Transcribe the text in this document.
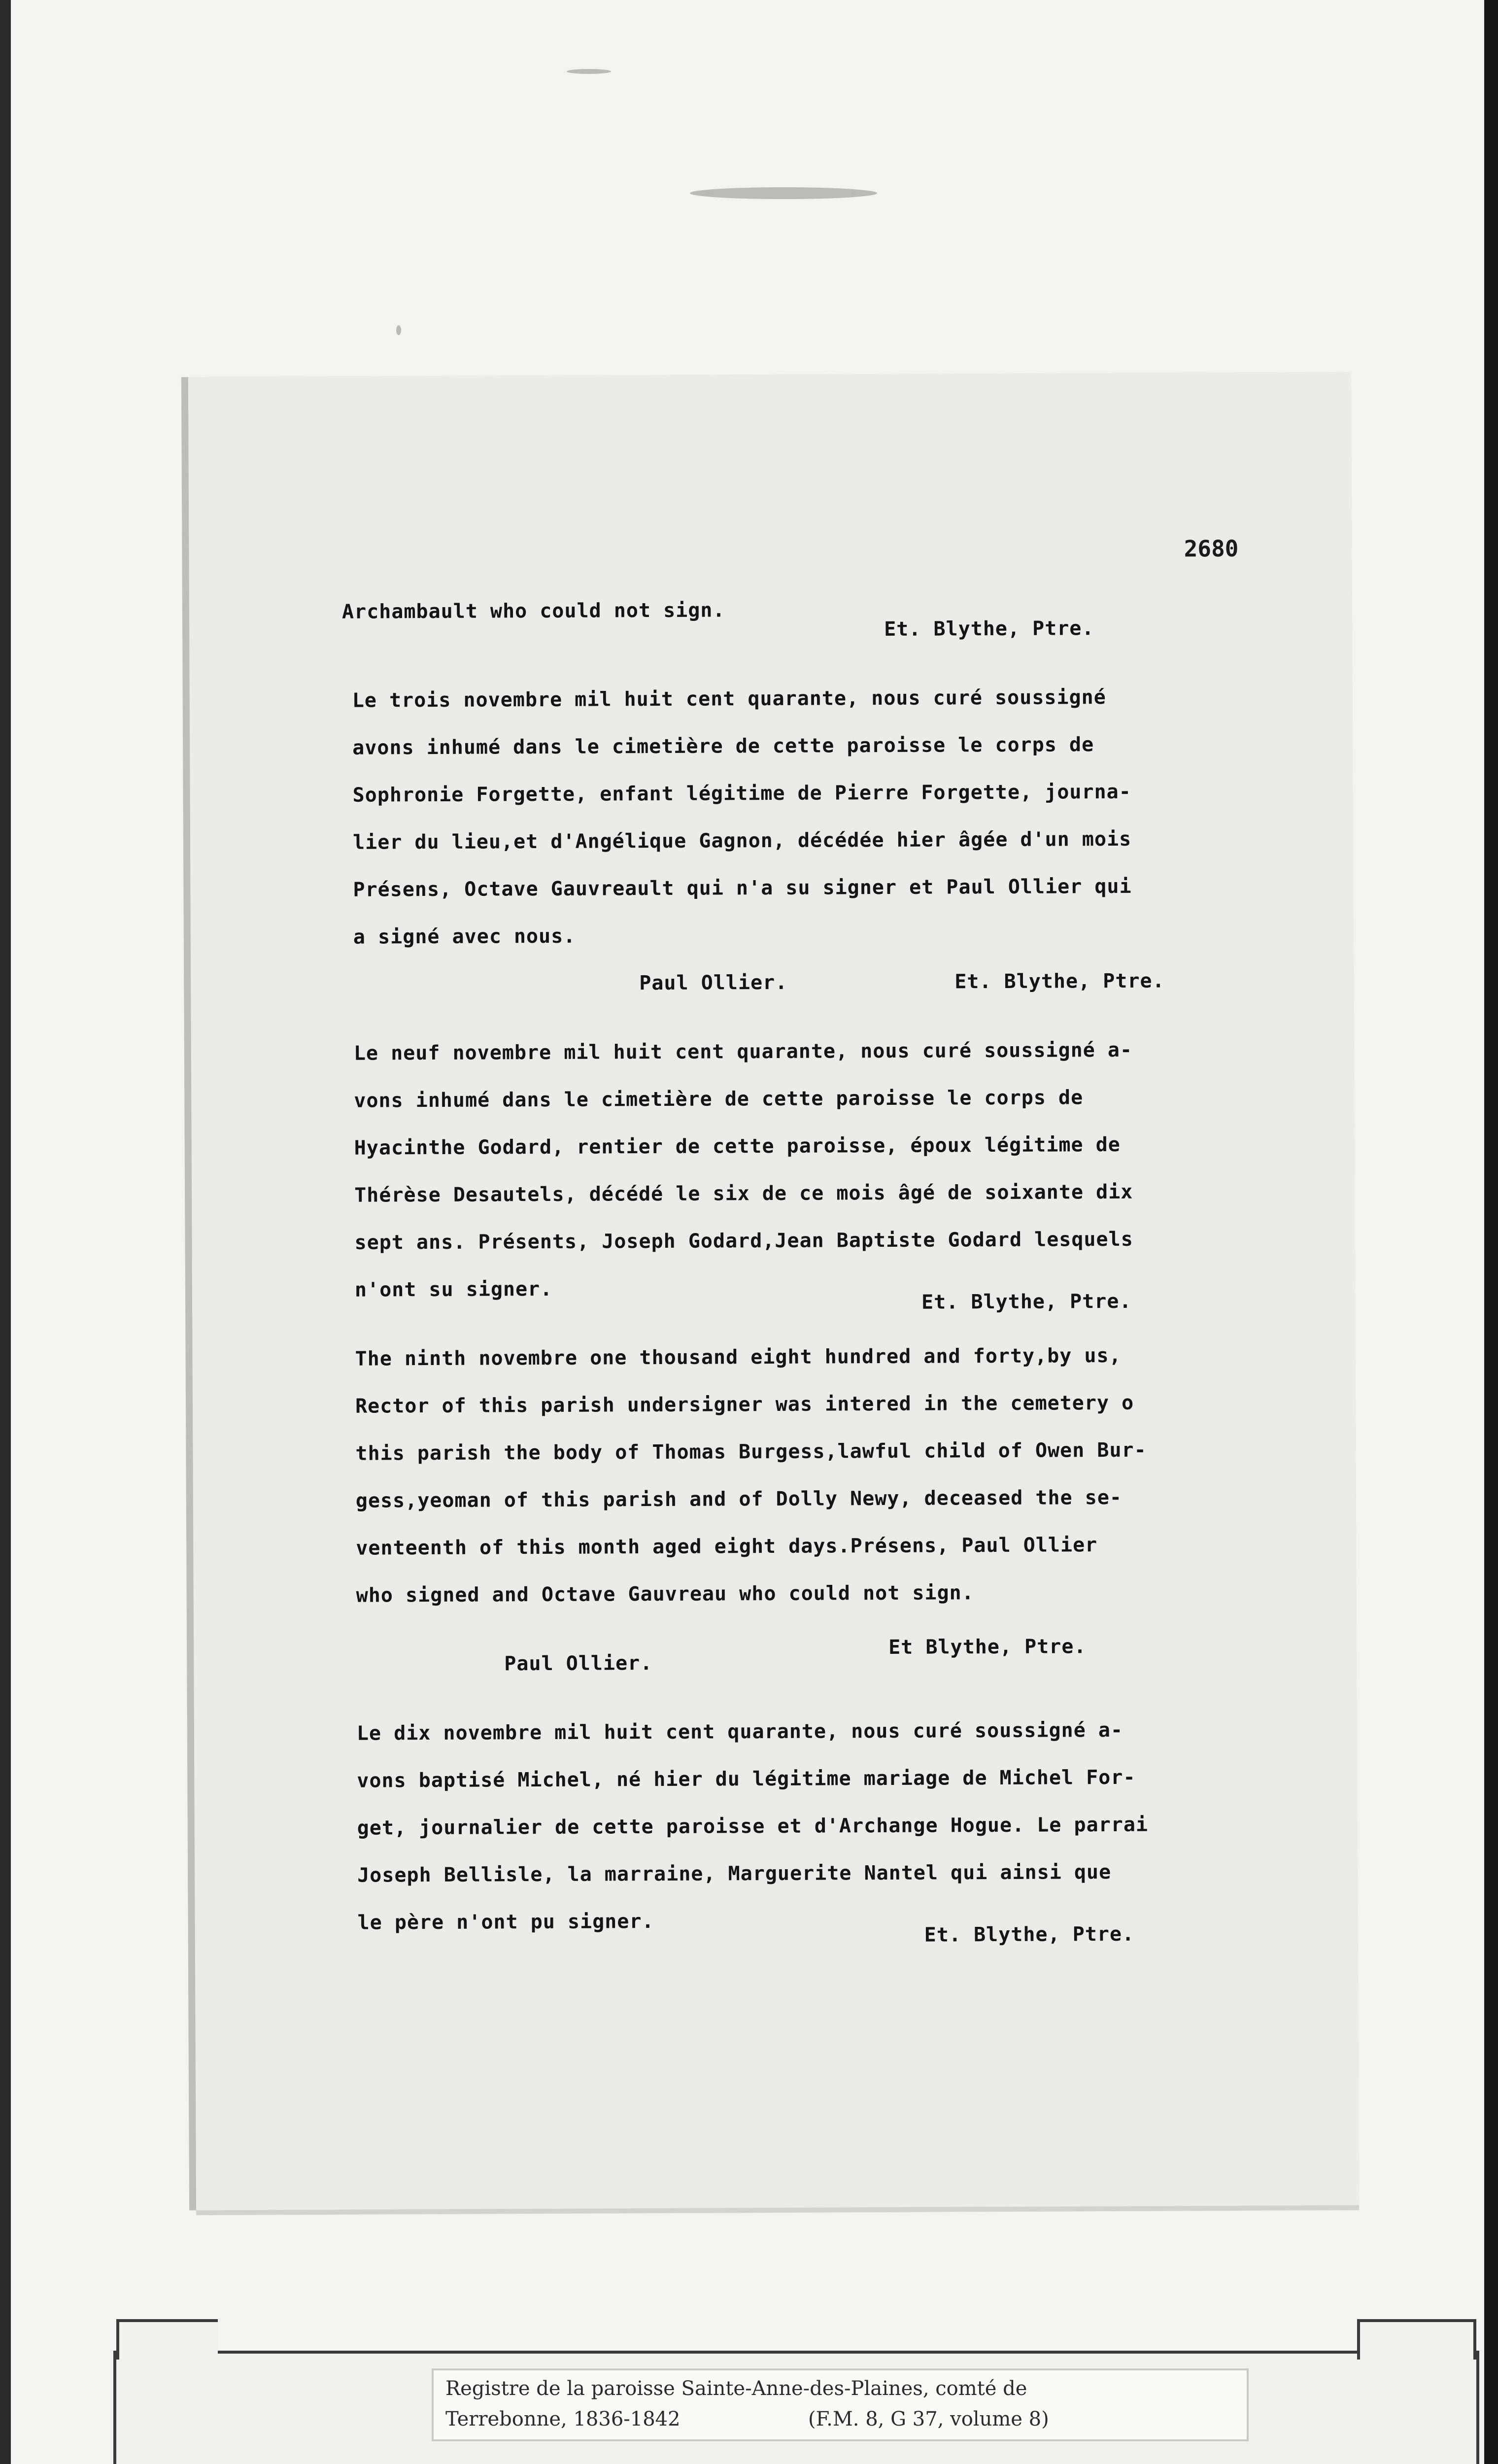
2680
Archambault who could not sign.
Et. Blythe, Ptre.
Le trois novembre mil huit cent quarante, nous curé soussigné
avons inhumé dans le cimetière de cette paroisse le corps de
Sophronie Forgette, enfant légitime de Pierre Forgette, journa-
lier du lieu,et d'Angélique Gagnon, décédée hier âgée d'un mois
Présens, Octave Gauvreault qui n'a su signer et Paul Ollier qui
a signé avec nous.
Paul Ollier.	Et. Blythe, Ptre.
Le neuf novembre mil huit cent quarante, nous curé soussigné a-
vons inhumé dans le cimetière de cette paroisse le corps de
Hyacinthe Godard, rentier de cette paroisse, époux légitime de
Thérèse Desautels, décédé le six de ce mois âgé de soixante dix
sept ans. Présents, Joseph Godard,Jean Baptiste Godard lesquels
n'ont su signer.
Et. Blythe, Ptre.
The ninth novembre one thousand eight hundred and forty,by us,
Rector of this parish undersigner was intered in the cemetery o
this parish the body of Thomas Burgess,lawful child of Owen Bur-
gess,yeoman of this parish and of Dolly Newy, deceased the se-
venteenth of this month aged eight days.Présens, Paul Ollier
who signed and Octave Gauvreau who could not sign.
Paul Ollier.
Et Blythe, Ptre.
Le dix novembre mil huit cent quarante, nous curé soussigné a-
vons baptisé Michel, né hier du légitime mariage de Michel For-
get, journalier de cette paroisse et d'Archange Hogue. Le parrai
Joseph Bellisle, la marraine, Marguerite Nantel qui ainsi que
le père n'ont pu signer.
Et. Blythe, Ptre.
Registre de la paroisse Sainte-Anne-des-Plaines, comté de
Terrebonne, 1836-1842	(F.M. 8, G 37, volume 8)
